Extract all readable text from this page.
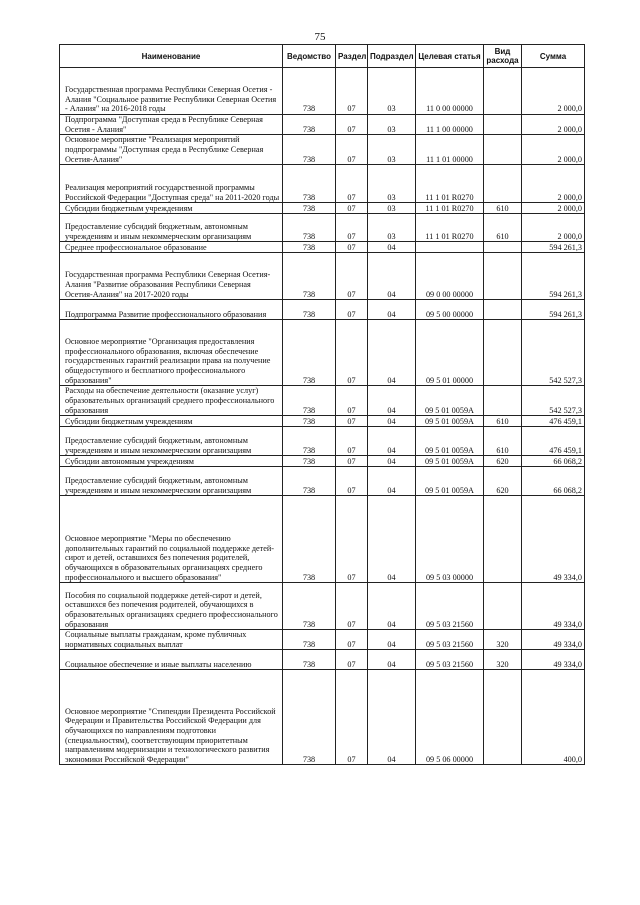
75
Наименование	Ведомство	Раздел	Подраздел	Целевая статья	Вид расхода	Сумма

Государственная программа Республики Северная Осетия - Алания "Социальное развитие Республики Северная Осетия - Алания" на 2016-2018 годы	738	07	03	11 0 00 00000		2 000,0

Подпрограмма "Доступная среда в Республике Северная Осетия - Алания"	738	07	03	11 1 00 00000		2 000,0

Основное мероприятие "Реализация мероприятий подпрограммы "Доступная среда в Республике Северная Осетия-Алания"	738	07	03	11 1 01 00000		2 000,0

Реализация мероприятий государственной программы Российской Федерации "Доступная среда" на 2011-2020 годы	738	07	03	11 1 01 R0270		2 000,0

Субсидии бюджетным учреждениям	738	07	03	11 1 01 R0270	610	2 000,0

Предоставление субсидий бюджетным, автономным учреждениям и иным некоммерческим организациям	738	07	03	11 1 01 R0270	610	2 000,0

Среднее профессиональное образование	738	07	04			594 261,3

Государственная программа Республики Северная Осетия-Алания "Развитие образования Республики Северная Осетия-Алания" на 2017-2020 годы	738	07	04	09 0 00 00000		594 261,3

Подпрограмма Развитие профессионального образования	738	07	04	09 5 00 00000		594 261,3

Основное мероприятие "Организация предоставления профессионального образования, включая обеспечение государственных гарантий реализации права на получение общедоступного и бесплатного профессионального образования"	738	07	04	09 5 01 00000		542 527,3

Расходы на обеспечение деятельности (оказание услуг) образовательных организаций среднего профессионального образования	738	07	04	09 5 01 0059А		542 527,3

Субсидии бюджетным учреждениям	738	07	04	09 5 01 0059А	610	476 459,1

Предоставление субсидий бюджетным, автономным учреждениям и иным некоммерческим организациям	738	07	04	09 5 01 0059А	610	476 459,1

Субсидии автономным учреждениям	738	07	04	09 5 01 0059А	620	66 068,2

Предоставление субсидий бюджетным, автономным учреждениям и иным некоммерческим организациям	738	07	04	09 5 01 0059А	620	66 068,2

Основное мероприятие "Меры по обеспечению дополнительных гарантий по социальной поддержке детей-сирот и детей, оставшихся без попечения родителей, обучающихся в образовательных организациях среднего профессионального и высшего образования"	738	07	04	09 5 03 00000		49 334,0

Пособия по социальной поддержке детей-сирот и детей, оставшихся без попечения родителей, обучающихся в образовательных организациях среднего профессионального образования	738	07	04	09 5 03 21560		49 334,0

Социальные выплаты гражданам, кроме публичных нормативных социальных выплат	738	07	04	09 5 03 21560	320	49 334,0

Социальное обеспечение и иные выплаты населению	738	07	04	09 5 03 21560	320	49 334,0

Основное мероприятие "Стипендии Президента Российской Федерации и Правительства Российской Федерации для обучающихся по направлениям подготовки (специальностям), соответствующим приоритетным направлениям модернизации и технологического развития экономики Российской Федерации"	738	07	04	09 5 06 00000		400,0
